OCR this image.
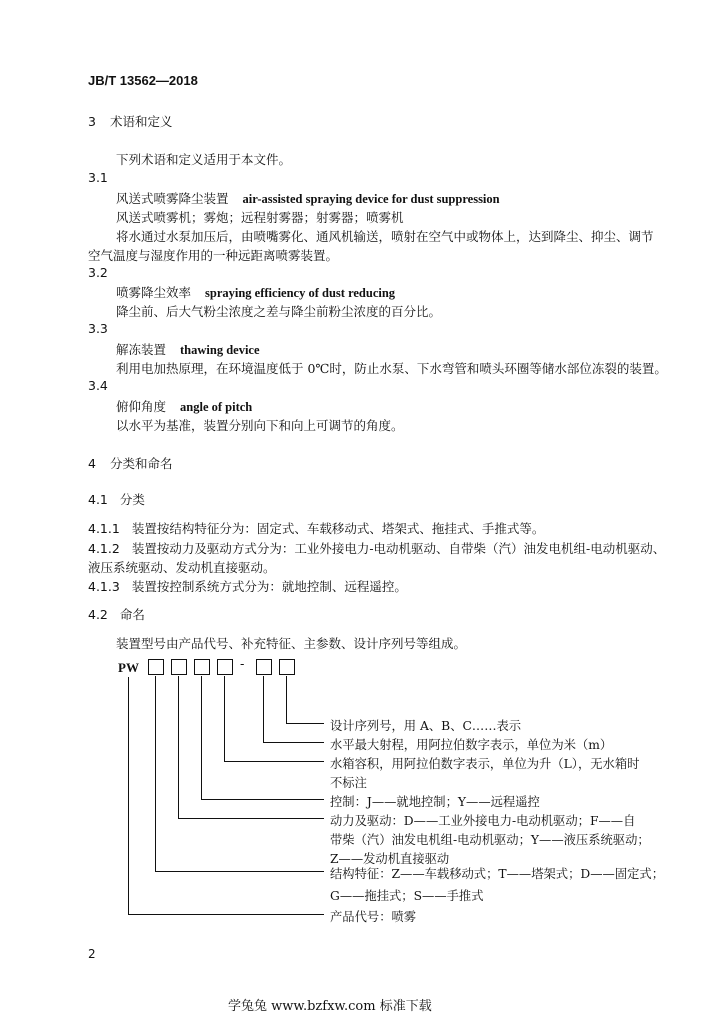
JB/T 13562—2018
3 术语和定义
下列术语和定义适用于本文件。
3.1
风送式喷雾降尘装置 air-assisted spraying device for dust suppression
风送式喷雾机；雾炮；远程射雾器；射雾器；喷雾机
将水通过水泵加压后，由喷嘴雾化、通风机输送，喷射在空气中或物体上，达到降尘、抑尘、调节
空气温度与湿度作用的一种远距离喷雾装置。
3.2
喷雾降尘效率 spraying efficiency of dust reducing
降尘前、后大气粉尘浓度之差与降尘前粉尘浓度的百分比。
3.3
解冻装置 thawing device
利用电加热原理，在环境温度低于 0℃时，防止水泵、下水弯管和喷头环圈等储水部位冻裂的装置。
3.4
俯仰角度 angle of pitch
以水平为基准，装置分别向下和向上可调节的角度。
4 分类和命名
4.1 分类
4.1.1 装置按结构特征分为：固定式、车载移动式、塔架式、拖挂式、手推式等。
4.1.2 装置按动力及驱动方式分为：工业外接电力-电动机驱动、自带柴（汽）油发电机组-电动机驱动、
液压系统驱动、发动机直接驱动。
4.1.3 装置按控制系统方式分为：就地控制、远程遥控。
4.2 命名
装置型号由产品代号、补充特征、主参数、设计序列号等组成。
PW	-
设计序列号，用 A、B、C……表示
水平最大射程，用阿拉伯数字表示，单位为米（m）
水箱容积，用阿拉伯数字表示，单位为升（L），无水箱时
不标注
控制：J——就地控制；Y——远程遥控
动力及驱动：D——工业外接电力-电动机驱动；F——自
带柴（汽）油发电机组-电动机驱动；Y——液压系统驱动；
Z——发动机直接驱动
结构特征：Z——车载移动式；T——塔架式；D——固定式；
G——拖挂式；S——手推式
产品代号：喷雾
2
学兔兔 www.bzfxw.com 标准下载
